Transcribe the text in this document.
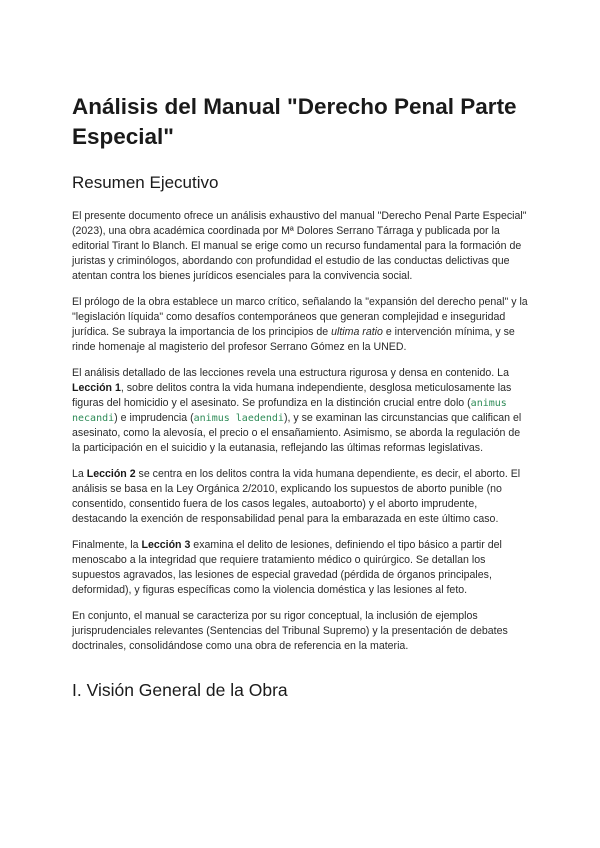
Análisis del Manual "Derecho Penal Parte Especial"
Resumen Ejecutivo

El presente documento ofrece un análisis exhaustivo del manual "Derecho Penal Parte Especial" (2023), una obra académica coordinada por Mª Dolores Serrano Tárraga y publicada por la editorial Tirant lo Blanch. El manual se erige como un recurso fundamental para la formación de juristas y criminólogos, abordando con profundidad el estudio de las conductas delictivas que atentan contra los bienes jurídicos esenciales para la convivencia social.

El prólogo de la obra establece un marco crítico, señalando la "expansión del derecho penal" y la "legislación líquida" como desafíos contemporáneos que generan complejidad e inseguridad jurídica. Se subraya la importancia de los principios de ultima ratio e intervención mínima, y se rinde homenaje al magisterio del profesor Serrano Gómez en la UNED.

El análisis detallado de las lecciones revela una estructura rigurosa y densa en contenido. La Lección 1, sobre delitos contra la vida humana independiente, desglosa meticulosamente las figuras del homicidio y el asesinato. Se profundiza en la distinción crucial entre dolo (animus necandi) e imprudencia (animus laedendi), y se examinan las circunstancias que califican el asesinato, como la alevosía, el precio o el ensañamiento. Asimismo, se aborda la regulación de la participación en el suicidio y la eutanasia, reflejando las últimas reformas legislativas.

La Lección 2 se centra en los delitos contra la vida humana dependiente, es decir, el aborto. El análisis se basa en la Ley Orgánica 2/2010, explicando los supuestos de aborto punible (no consentido, consentido fuera de los casos legales, autoaborto) y el aborto imprudente, destacando la exención de responsabilidad penal para la embarazada en este último caso.

Finalmente, la Lección 3 examina el delito de lesiones, definiendo el tipo básico a partir del menoscabo a la integridad que requiere tratamiento médico o quirúrgico. Se detallan los supuestos agravados, las lesiones de especial gravedad (pérdida de órganos principales, deformidad), y figuras específicas como la violencia doméstica y las lesiones al feto.

En conjunto, el manual se caracteriza por su rigor conceptual, la inclusión de ejemplos jurisprudenciales relevantes (Sentencias del Tribunal Supremo) y la presentación de debates doctrinales, consolidándose como una obra de referencia en la materia.

I. Visión General de la Obra
